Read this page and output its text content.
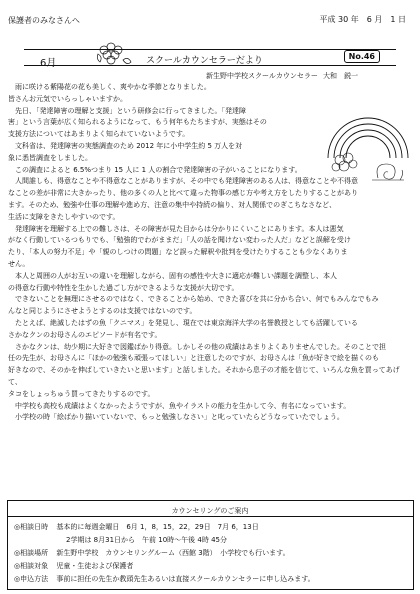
保護者のみなさんへ	平成 30 年　6 月　1 日
6月	スクールカウンセラーだより	No.46
新生野中学校スクールカウンセラー 大和　鋭一

　雨に咲ける紫陽花の花も美しく、爽やかな季節となりました。

皆さんお元気でいらっしゃいますか。

　先日、「発達障害の理解と支援」という研修会に行ってきました。「発達障

害」という言葉が広く知られるようになって、もう何年もたちますが、実態はその

支援方法についてはあまりよく知られていないようです。

　文科省は、発達障害の実態調査のため 2012 年に小中学生約 5 万人を対

象に悉皆調査をしました。

　この調査によると 6.5%つまり 15 人に 1 人の割合で発達障害の子がいることになります。

　人間誰しも、得意なことや不得意なことがありますが、その中でも発達障害のある人は、得意なことや不得意

なことの差が非常に大きかったり、他の多くの人と比べて違った物事の感じ方や考え方をしたりすることがあり

ます。そのため、勉強や仕事の理解や進め方、注意の集中や持続の偏り、対人関係でのぎこちなさなど、

生活に支障をきたしやすいのです。

　発達障害を理解する上での難しさは、その障害が見た目からは分かりにくいことにあります。本人は悪気

がなく行動しているつもりでも、「勉強的でわがままだ」「人の話を聞けない変わった人だ」などと誤解を受け

たり、「本人の努力不足」や「親のしつけの問題」など誤った解釈や批判を受けたりすることも少なくありま

せん。

　本人と周囲の人がお互いの違いを理解しながら、固有の感性や大きに適応が難しい課題を調整し、本人

の得意な行動や特性を生かした過ごし方ができるような支援が大切です。

　できないことを無理にさせるのではなく、できることから始め、できた喜びを共に分かち合い、何でもみんなでもみ

んなと同じようにさせようとするのは支援ではないのです。

　たとえば、絶滅したはずの魚「クニマス」を発見し、現在では東京海洋大学の名誉教授としても活躍している

さかなクンのお母さんのエピソードが有名です。

　さかなクンは、幼少期に大好きで図鑑ばかり得意。しかしその他の成績はあまりよくありませんでした。そのことで担

任の先生が、お母さんに「ほかの勉強も頑張ってほしい」と注意したのですが、お母さんは「魚が好きで絵を描くのも

好きなので、そのかを伸ばしていきたいと思います」と話しました。それから息子の才能を信じて、いろんな魚を買ってあげて、

タコをしょっちゅう買ってきたりするのです。

　中学校も高校も成績はよくなかったようですが、魚やイラストの能力を生かして今、有名になっています。

　小学校の時「絵ばかり描いていないで、もっと勉強しなさい」と叱っていたらどうなっていたでしょう。

カウンセリングのご案内
◎相談日時 基本的に毎週金曜日　6月 1，8，15，22，29日　7月 6，13日
2学期は 8月31日から　午前 10時～午後 4時 45分
◎相談場所 新生野中学校　カウンセリングルーム（西館 3階）　小学校でも行います。
◎相談対象 児童・生徒および保護者
◎申込方法 事前に担任の先生か教頭先生あるいは直接スクールカウンセラーに申し込みます。
